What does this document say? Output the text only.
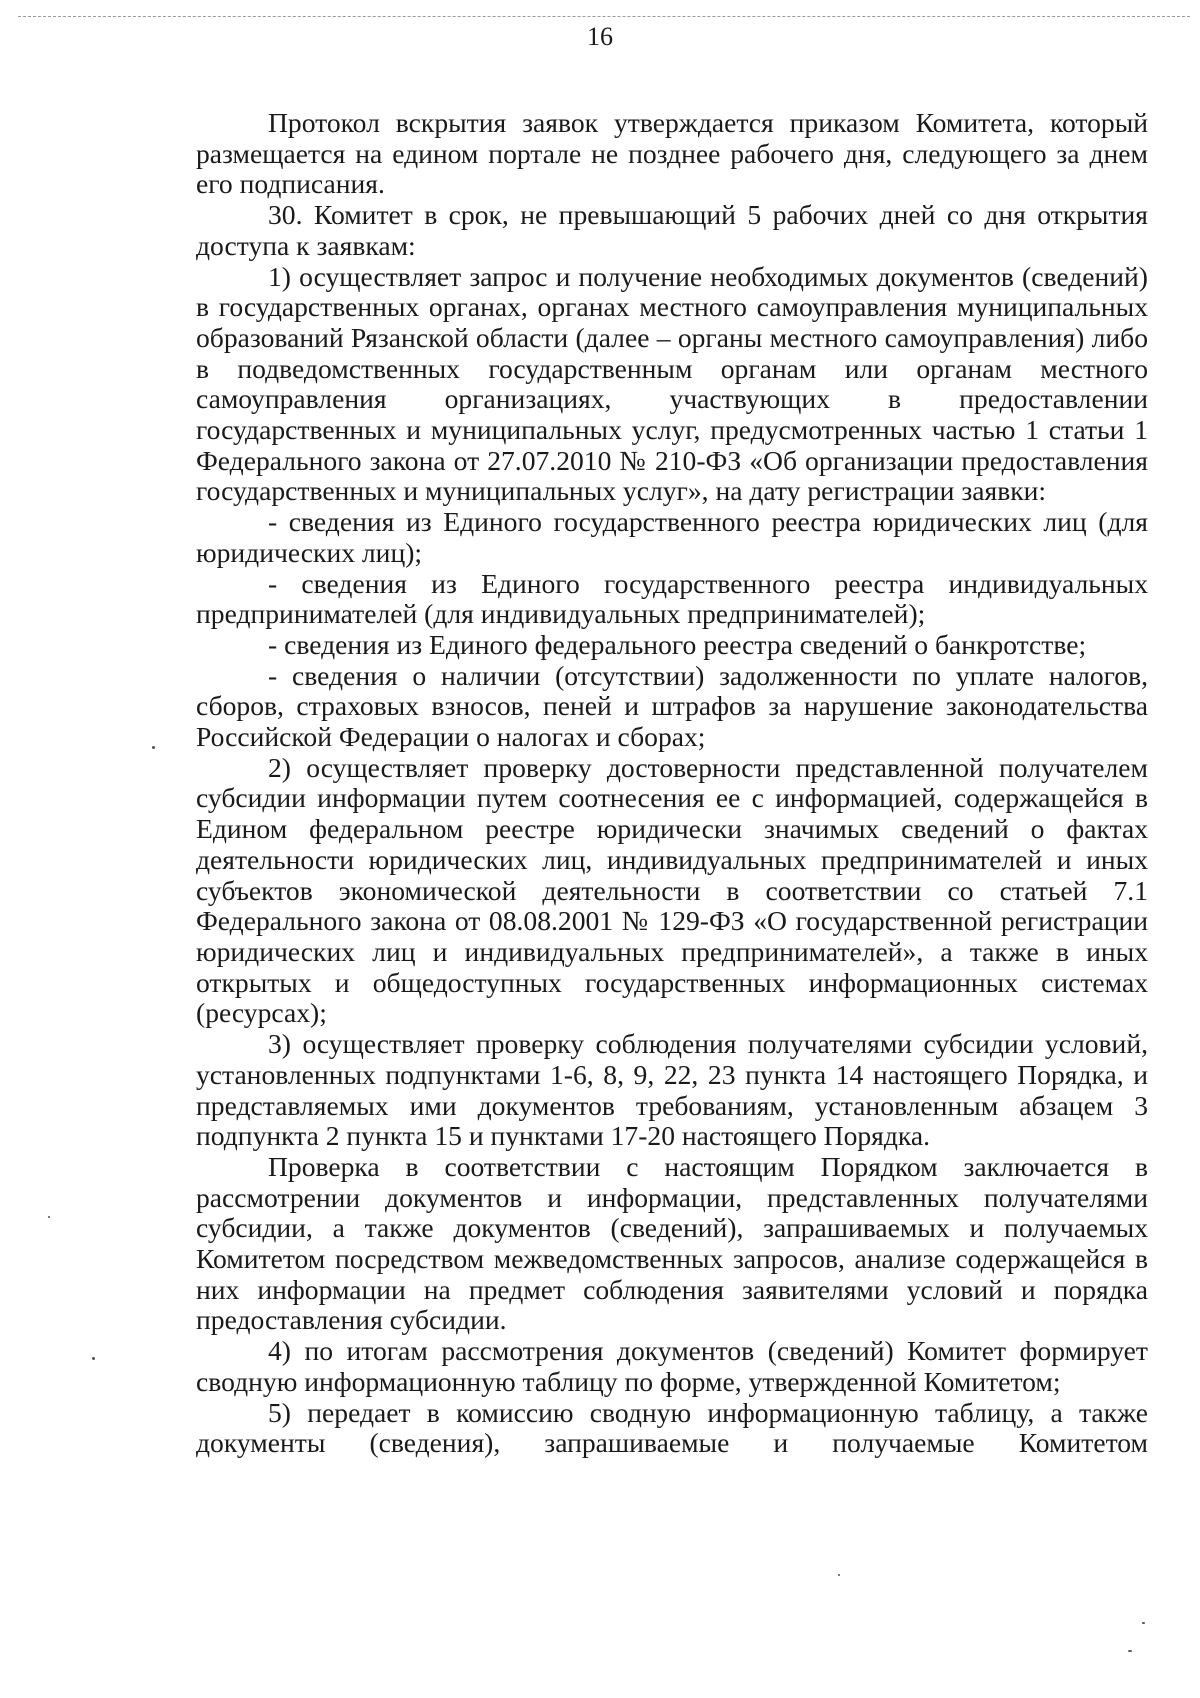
16

Протокол вскрытия заявок утверждается приказом Комитета, который размещается на едином портале не позднее рабочего дня, следующего за днем его подписания.

30. Комитет в срок, не превышающий 5 рабочих дней со дня открытия доступа к заявкам:

1) осуществляет запрос и получение необходимых документов (сведений) в государственных органах, органах местного самоуправления муниципальных образований Рязанской области (далее – органы местного самоуправления) либо в подведомственных государственным органам или органам местного самоуправления организациях, участвующих в предоставлении государственных и муниципальных услуг, предусмотренных частью 1 статьи 1 Федерального закона от 27.07.2010 № 210-ФЗ «Об организации предоставления государственных и муниципальных услуг», на дату регистрации заявки:

- сведения из Единого государственного реестра юридических лиц (для юридических лиц);

- сведения из Единого государственного реестра индивидуальных предпринимателей (для индивидуальных предпринимателей);

- сведения из Единого федерального реестра сведений о банкротстве;

- сведения о наличии (отсутствии) задолженности по уплате налогов, сборов, страховых взносов, пеней и штрафов за нарушение законодательства Российской Федерации о налогах и сборах;

2) осуществляет проверку достоверности представленной получателем субсидии информации путем соотнесения ее с информацией, содержащейся в Едином федеральном реестре юридически значимых сведений о фактах деятельности юридических лиц, индивидуальных предпринимателей и иных субъектов экономической деятельности в соответствии со статьей 7.1 Федерального закона от 08.08.2001 № 129-ФЗ «О государственной регистрации юридических лиц и индивидуальных предпринимателей», а также в иных открытых и общедоступных государственных информационных системах (ресурсах);

3) осуществляет проверку соблюдения получателями субсидии условий, установленных подпунктами 1-6, 8, 9, 22, 23 пункта 14 настоящего Порядка, и представляемых ими документов требованиям, установленным абзацем 3 подпункта 2 пункта 15 и пунктами 17-20 настоящего Порядка.

Проверка в соответствии с настоящим Порядком заключается в рассмотрении документов и информации, представленных получателями субсидии, а также документов (сведений), запрашиваемых и получаемых Комитетом посредством межведомственных запросов, анализе содержащейся в них информации на предмет соблюдения заявителями условий и порядка предоставления субсидии.

4) по итогам рассмотрения документов (сведений) Комитет формирует сводную информационную таблицу по форме, утвержденной Комитетом;

5) передает в комиссию сводную информационную таблицу, а также документы (сведения), запрашиваемые и получаемые Комитетом
